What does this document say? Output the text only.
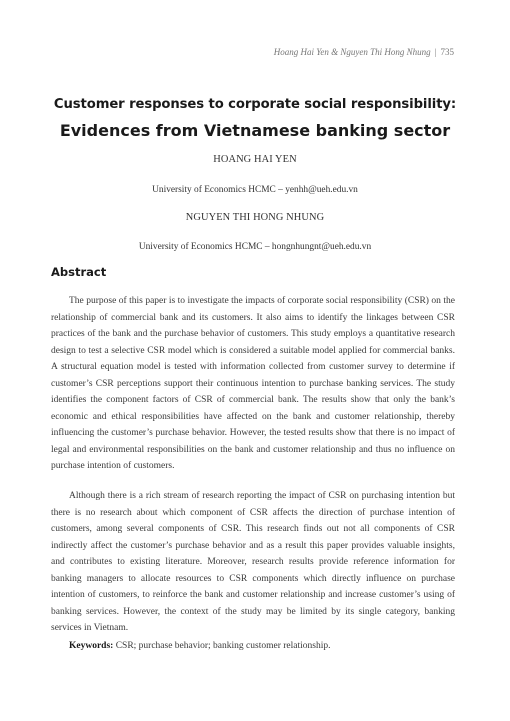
Hoang Hai Yen & Nguyen Thi Hong Nhung | 735
Customer responses to corporate social responsibility:
Evidences from Vietnamese banking sector
HOANG HAI YEN
University of Economics HCMC – yenhh@ueh.edu.vn
NGUYEN THI HONG NHUNG
University of Economics HCMC – hongnhungnt@ueh.edu.vn
Abstract

The purpose of this paper is to investigate the impacts of corporate social responsibility (CSR) on the relationship of commercial bank and its customers. It also aims to identify the linkages between CSR practices of the bank and the purchase behavior of customers. This study employs a quantitative research design to test a selective CSR model which is considered a suitable model applied for commercial banks. A structural equation model is tested with information collected from customer survey to determine if customer’s CSR perceptions support their continuous intention to purchase banking services. The study identifies the component factors of CSR of commercial bank. The results show that only the bank’s economic and ethical responsibilities have affected on the bank and customer relationship, thereby influencing the customer’s purchase behavior. However, the tested results show that there is no impact of legal and environmental responsibilities on the bank and customer relationship and thus no influence on purchase intention of customers.

Although there is a rich stream of research reporting the impact of CSR on purchasing intention but there is no research about which component of CSR affects the direction of purchase intention of customers, among several components of CSR. This research finds out not all components of CSR indirectly affect the customer’s purchase behavior and as a result this paper provides valuable insights, and contributes to existing literature. Moreover, research results provide reference information for banking managers to allocate resources to CSR components which directly influence on purchase intention of customers, to reinforce the bank and customer relationship and increase customer’s using of banking services. However, the context of the study may be limited by its single category, banking services in Vietnam.

Keywords: CSR; purchase behavior; banking customer relationship.
